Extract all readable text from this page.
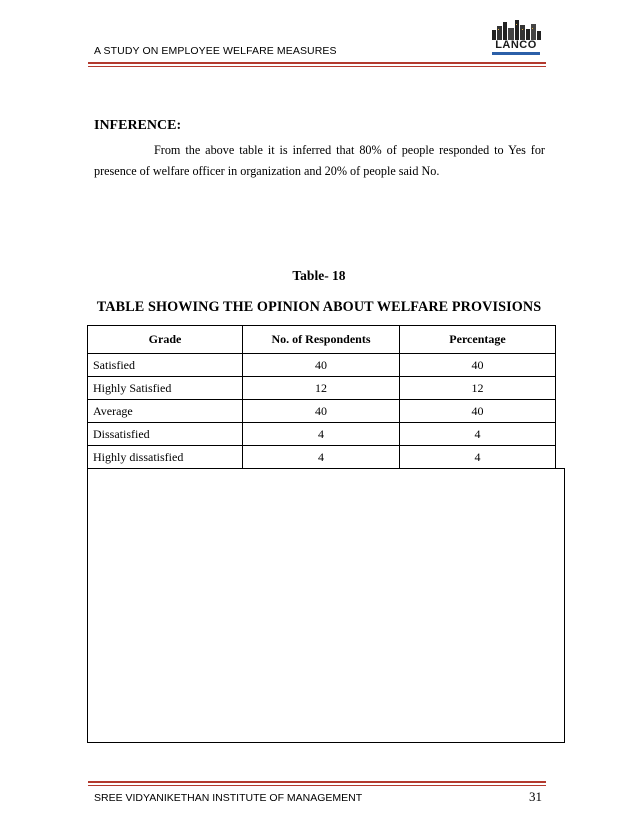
A STUDY ON EMPLOYEE WELFARE MEASURES	LANCO
INFERENCE:

From the above table it is inferred that 80% of people responded to Yes for presence of welfare officer in organization and 20% of people said No.

Table- 18
TABLE SHOWING THE OPINION ABOUT WELFARE PROVISIONS
Grade	No. of Respondents	Percentage
Satisfied	40	40
Highly Satisfied	12	12
Average	40	40
Dissatisfied	4	4
Highly dissatisfied	4	4
SREE VIDYANIKETHAN INSTITUTE OF MANAGEMENT	31
